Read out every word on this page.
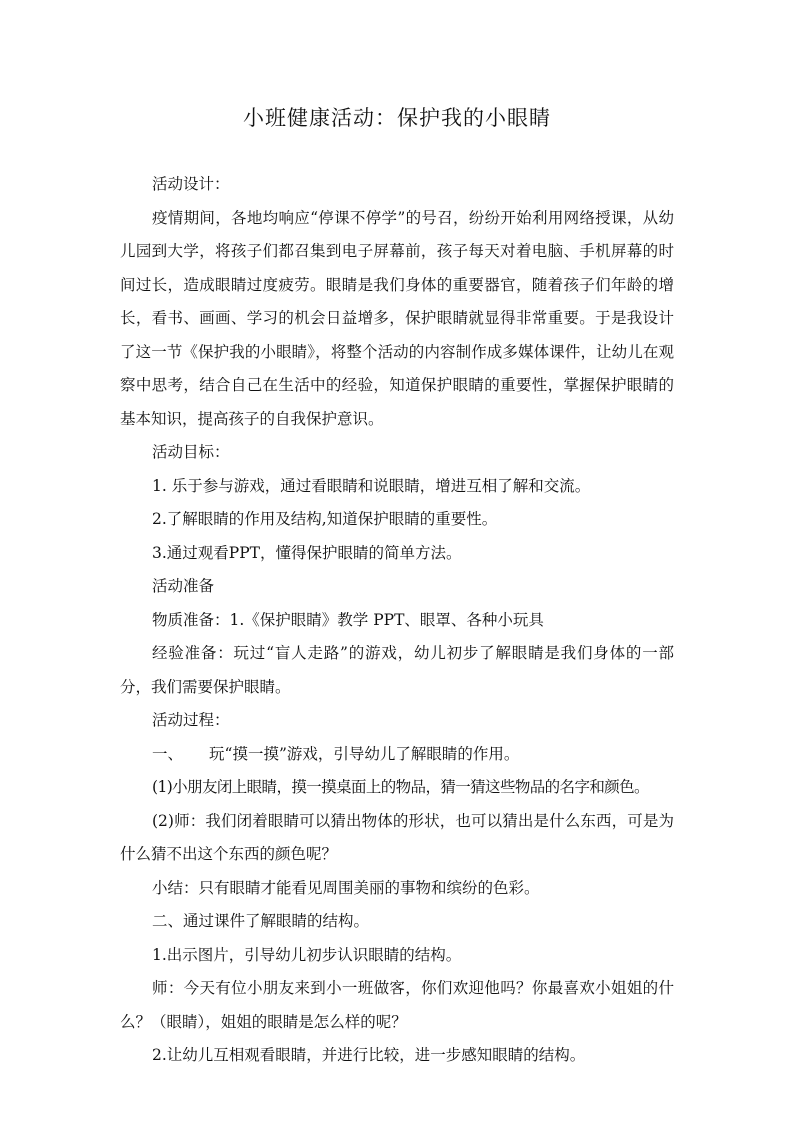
小班健康活动：保护我的小眼睛

活动设计：

疫情期间，各地均响应“停课不停学”的号召，纷纷开始利用网络授课，从幼儿园到大学，将孩子们都召集到电子屏幕前，孩子每天对着电脑、手机屏幕的时间过长，造成眼睛过度疲劳。眼睛是我们身体的重要器官，随着孩子们年龄的增长，看书、画画、学习的机会日益增多，保护眼睛就显得非常重要。于是我设计了这一节《保护我的小眼睛》，将整个活动的内容制作成多媒体课件，让幼儿在观察中思考，结合自己在生活中的经验，知道保护眼睛的重要性，掌握保护眼睛的基本知识，提高孩子的自我保护意识。

活动目标：

1. 乐于参与游戏，通过看眼睛和说眼睛，增进互相了解和交流。

2.了解眼睛的作用及结构,知道保护眼睛的重要性。

3.通过观看PPT，懂得保护眼睛的简单方法。

活动准备

物质准备：1.《保护眼睛》教学 PPT、眼罩、各种小玩具

经验准备：玩过“盲人走路”的游戏，幼儿初步了解眼睛是我们身体的一部分，我们需要保护眼睛。

活动过程：

一、 玩“摸一摸”游戏，引导幼儿了解眼睛的作用。

(1)小朋友闭上眼睛，摸一摸桌面上的物品，猜一猜这些物品的名字和颜色。

(2)师：我们闭着眼睛可以猜出物体的形状，也可以猜出是什么东西，可是为什么猜不出这个东西的颜色呢？

小结：只有眼睛才能看见周围美丽的事物和缤纷的色彩。

二、通过课件了解眼睛的结构。

1.出示图片，引导幼儿初步认识眼睛的结构。

师：今天有位小朋友来到小一班做客，你们欢迎他吗？你最喜欢小姐姐的什么？（眼睛），姐姐的眼睛是怎么样的呢？

2.让幼儿互相观看眼睛，并进行比较，进一步感知眼睛的结构。
